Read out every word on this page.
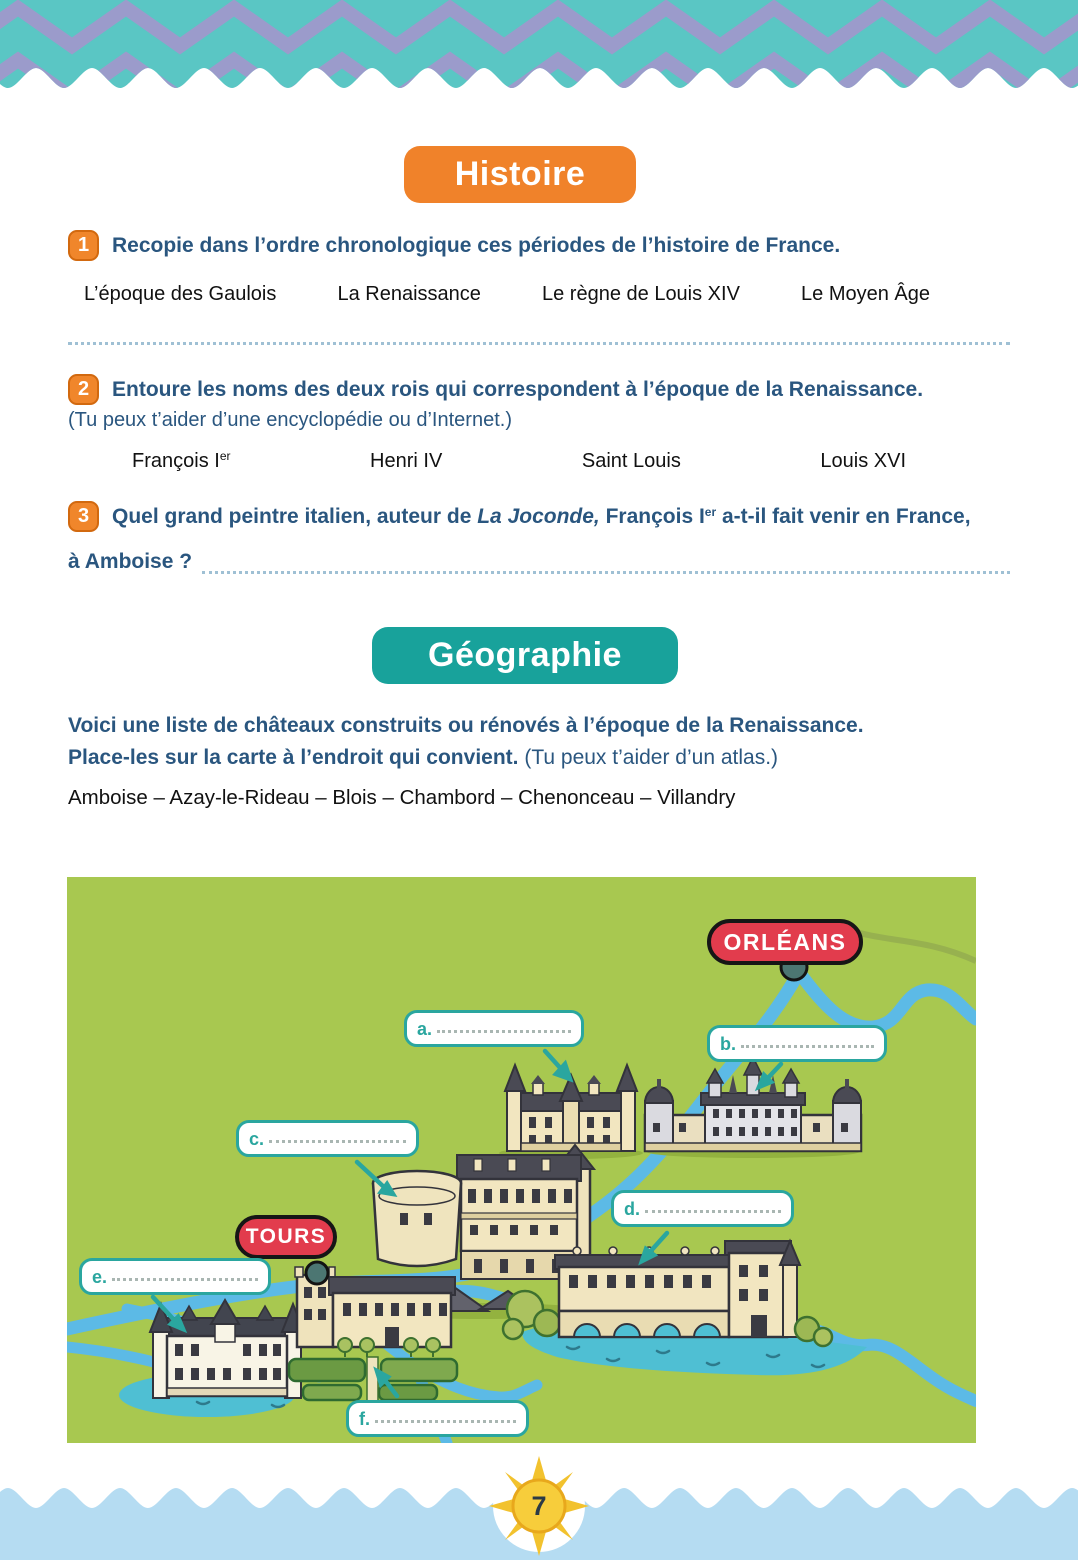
Histoire
1	Recopie dans l’ordre chronologique ces périodes de l’histoire de France.
L’époque des Gaulois	La Renaissance	Le règne de Louis XIV	Le Moyen Âge
2	Entoure les noms des deux rois qui correspondent à l’époque de la Renaissance.
(Tu peux t’aider d’une encyclopédie ou d’Internet.)
François Ier	Henri IV	Saint Louis	Louis XVI
3	Quel grand peintre italien, auteur de La Joconde, François Ier a-t-il fait venir en France,
à Amboise ?
Géographie
Voici une liste de châteaux construits ou rénovés à l’époque de la Renaissance.
Place-les sur la carte à l’endroit qui convient. (Tu peux t’aider d’un atlas.)
Amboise – Azay-le-Rideau – Blois – Chambord – Chenonceau – Villandry
ORLÉANS
TOURS
a.
b.
c.
d.
e.
f.
7
